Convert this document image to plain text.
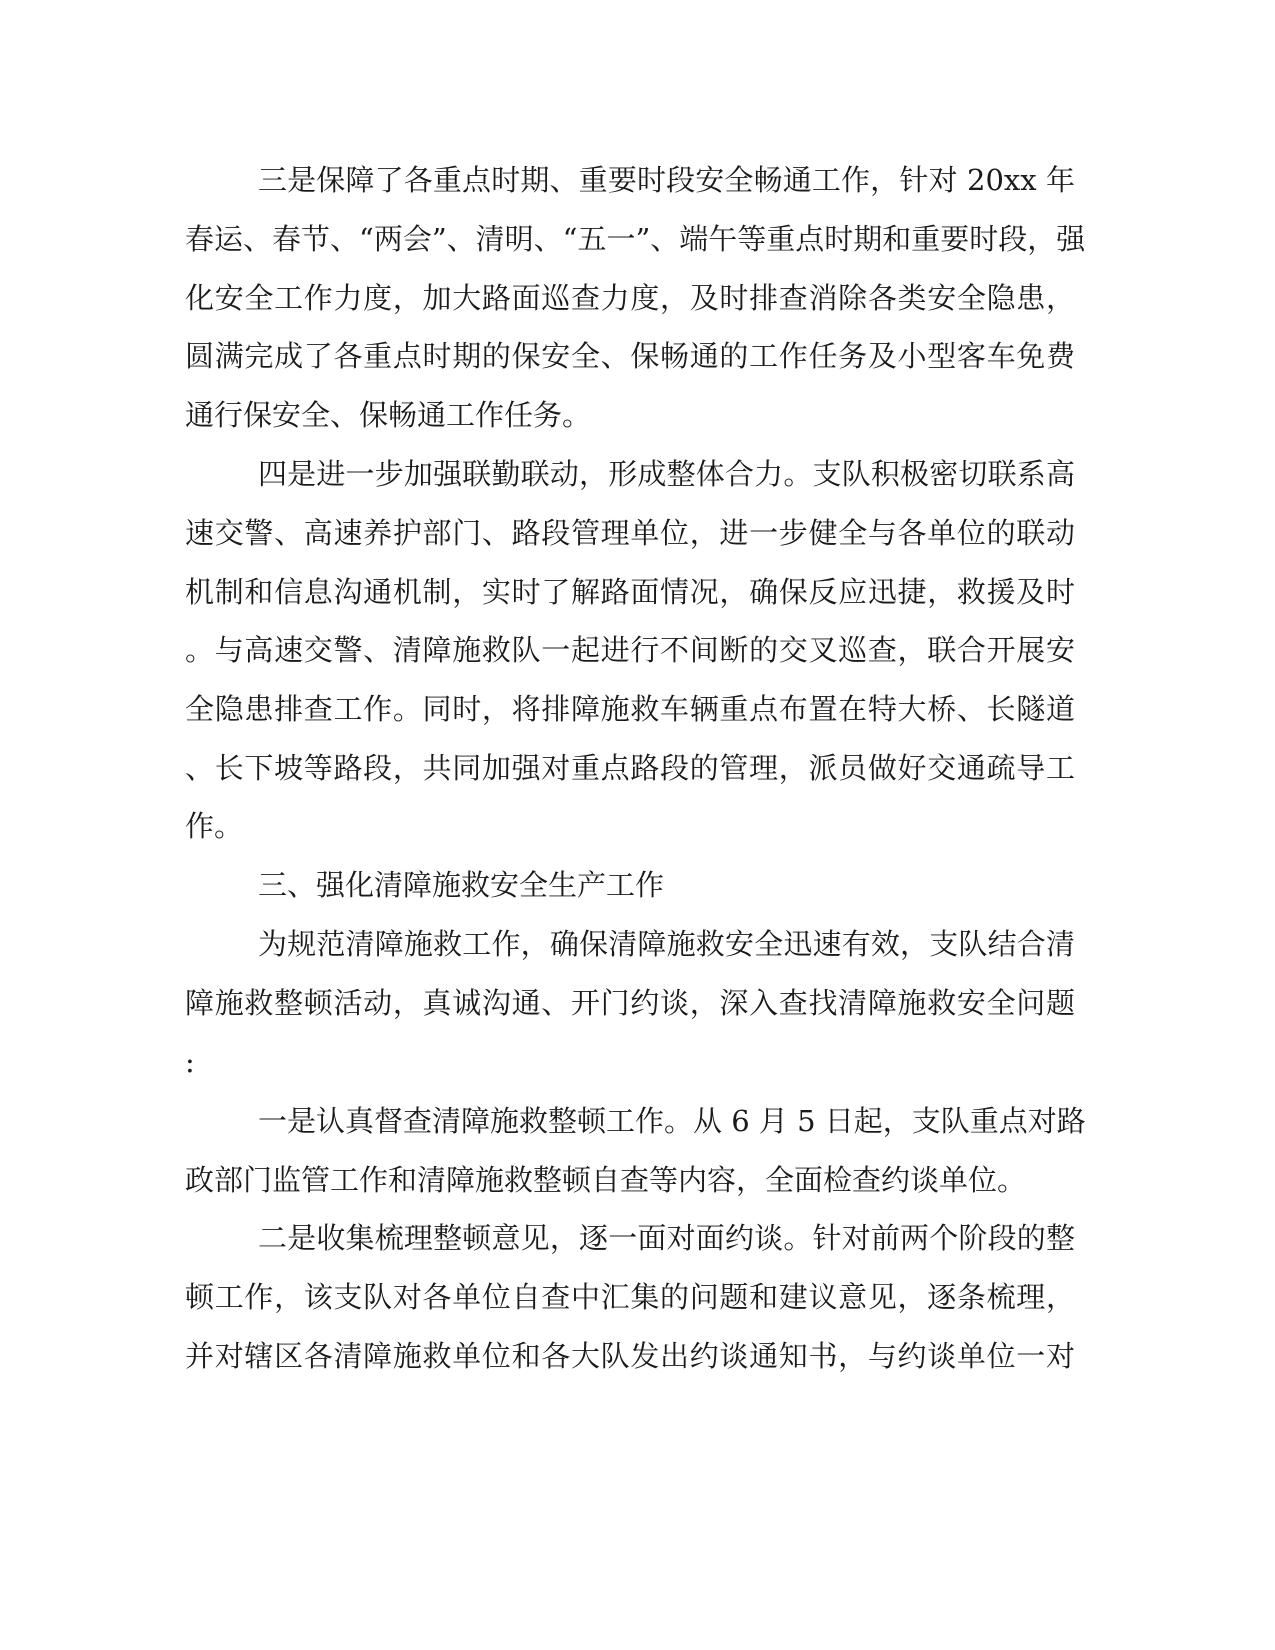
三是保障了各重点时期、重要时段安全畅通工作，针对 20xx 年
春运、春节、“两会”、清明、“五一”、端午等重点时期和重要时段，强
化安全工作力度，加大路面巡查力度，及时排查消除各类安全隐患，
圆满完成了各重点时期的保安全、保畅通的工作任务及小型客车免费
通行保安全、保畅通工作任务。
四是进一步加强联勤联动，形成整体合力。支队积极密切联系高
速交警、高速养护部门、路段管理单位，进一步健全与各单位的联动
机制和信息沟通机制，实时了解路面情况，确保反应迅捷，救援及时
。与高速交警、清障施救队一起进行不间断的交叉巡查，联合开展安
全隐患排查工作。同时，将排障施救车辆重点布置在特大桥、长隧道
、长下坡等路段，共同加强对重点路段的管理，派员做好交通疏导工
作。
三、强化清障施救安全生产工作
为规范清障施救工作，确保清障施救安全迅速有效，支队结合清
障施救整顿活动，真诚沟通、开门约谈，深入查找清障施救安全问题
:
一是认真督查清障施救整顿工作。从 6 月 5 日起，支队重点对路
政部门监管工作和清障施救整顿自查等内容，全面检查约谈单位。
二是收集梳理整顿意见，逐一面对面约谈。针对前两个阶段的整
顿工作，该支队对各单位自查中汇集的问题和建议意见，逐条梳理，
并对辖区各清障施救单位和各大队发出约谈通知书，与约谈单位一对
